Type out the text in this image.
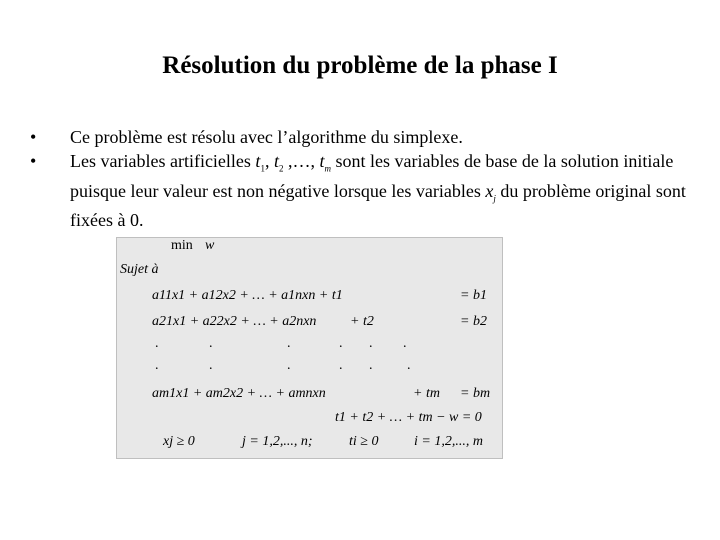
Résolution du problème de la phase I
• Ce problème est résolu avec l’algorithme du simplexe.
• Les variables artificielles $t_1$, $t_2$ ,…, $t_m$ sont les variables de base de la solution initiale puisque leur valeur est non négative lorsque les variables $x_j$ du problème original sont fixées à 0.
min w
Sujet à
a11x1 + a12x2 + … + a1nxn + t1	= b1
a21x1 + a22x2 + … + a2nxn + t2	= b2
.	.	.	. . .
.	.	.	. . .
am1x1 + am2x2 + … + amnxn	+ tm = bm
t1 + t2 + … + tm − w = 0
xj ≥ 0	j = 1,2,..., n;	ti ≥ 0	i = 1,2,..., m
